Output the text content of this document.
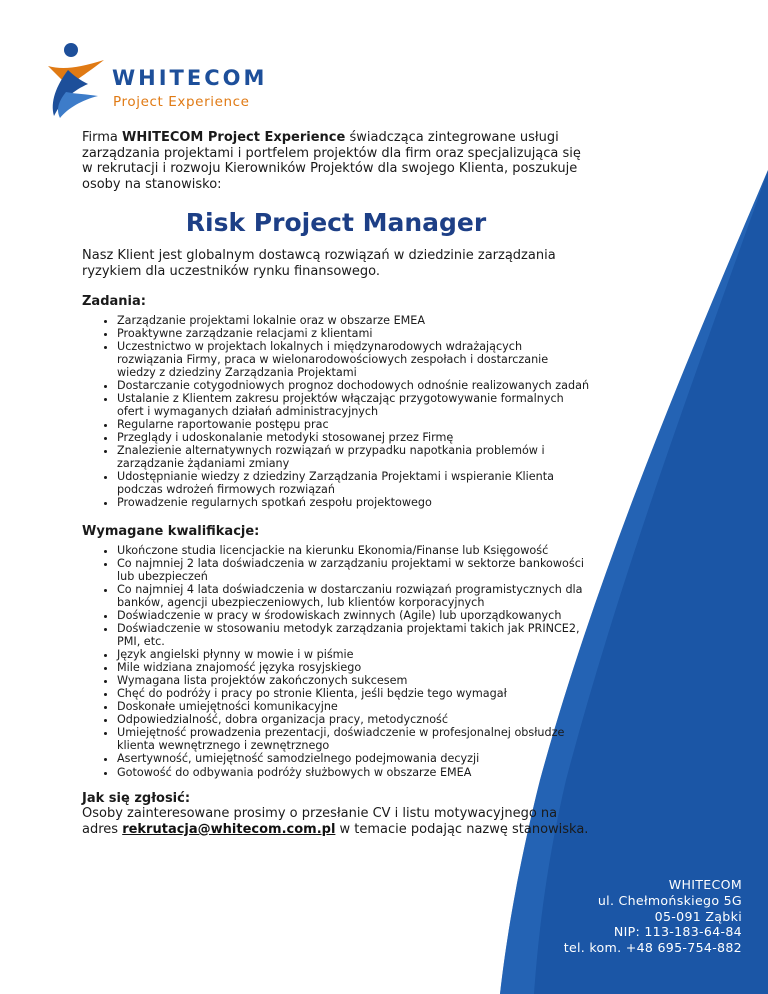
WHITECOM
Project Experience

Firma WHITECOM Project Experience świadcząca zintegrowane usługi zarządzania projektami i portfelem projektów dla firm oraz specjalizująca się w rekrutacji i rozwoju Kierowników Projektów dla swojego Klienta, poszukuje osoby na stanowisko:

Risk Project Manager

Nasz Klient jest globalnym dostawcą rozwiązań w dziedzinie zarządzania ryzykiem dla uczestników rynku finansowego.

Zadania:
• Zarządzanie projektami lokalnie oraz w obszarze EMEA
• Proaktywne zarządzanie relacjami z klientami
• Uczestnictwo w projektach lokalnych i międzynarodowych wdrażających rozwiązania Firmy, praca w wielonarodowościowych zespołach i dostarczanie wiedzy z dziedziny Zarządzania Projektami
• Dostarczanie cotygodniowych prognoz dochodowych odnośnie realizowanych zadań
• Ustalanie z Klientem zakresu projektów włączając przygotowywanie formalnych ofert i wymaganych działań administracyjnych
• Regularne raportowanie postępu prac
• Przeglądy i udoskonalanie metodyki stosowanej przez Firmę
• Znalezienie alternatywnych rozwiązań w przypadku napotkania problemów i zarządzanie żądaniami zmiany
• Udostępnianie wiedzy z dziedziny Zarządzania Projektami i wspieranie Klienta podczas wdrożeń firmowych rozwiązań
• Prowadzenie regularnych spotkań zespołu projektowego
Wymagane kwalifikacje:
• Ukończone studia licencjackie na kierunku Ekonomia/Finanse lub Księgowość
• Co najmniej 2 lata doświadczenia w zarządzaniu projektami w sektorze bankowości lub ubezpieczeń
• Co najmniej 4 lata doświadczenia w dostarczaniu rozwiązań programistycznych dla banków, agencji ubezpieczeniowych, lub klientów korporacyjnych
• Doświadczenie w pracy w środowiskach zwinnych (Agile) lub uporządkowanych
• Doświadczenie w stosowaniu metodyk zarządzania projektami takich jak PRINCE2, PMI, etc.
• Język angielski płynny w mowie i w piśmie
• Mile widziana znajomość języka rosyjskiego
• Wymagana lista projektów zakończonych sukcesem
• Chęć do podróży i pracy po stronie Klienta, jeśli będzie tego wymagał
• Doskonałe umiejętności komunikacyjne
• Odpowiedzialność, dobra organizacja pracy, metodyczność
• Umiejętność prowadzenia prezentacji, doświadczenie w profesjonalnej obsłudze klienta wewnętrznego i zewnętrznego
• Asertywność, umiejętność samodzielnego podejmowania decyzji
• Gotowość do odbywania podróży służbowych w obszarze EMEA
Jak się zgłosić:

Osoby zainteresowane prosimy o przesłanie CV i listu motywacyjnego na adres rekrutacja@whitecom.com.pl w temacie podając nazwę stanowiska.

WHITECOM
ul. Chełmońskiego 5G
05-091 Ząbki
NIP: 113-183-64-84
tel. kom. +48 695-754-882
